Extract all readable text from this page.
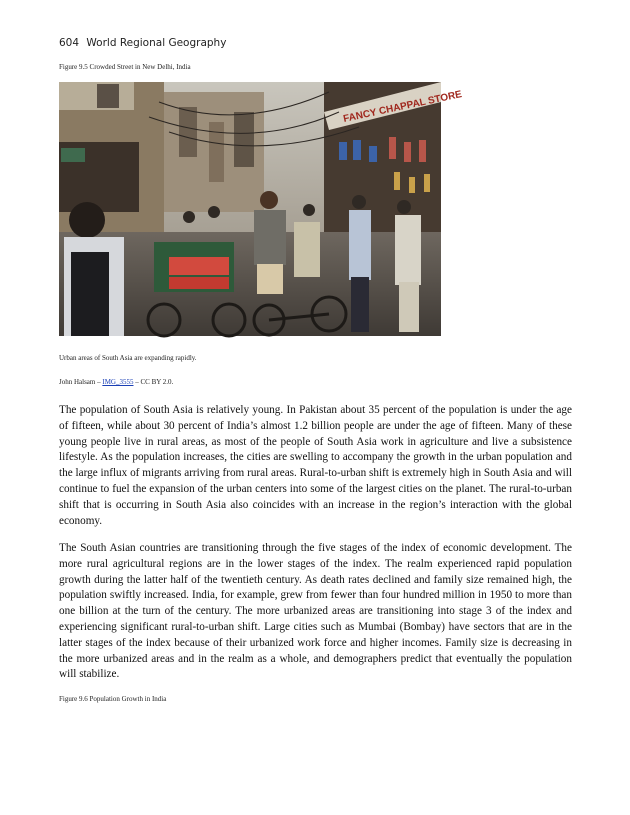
604 World Regional Geography
Figure 9.5 Crowded Street in New Delhi, India
FANCY CHAPPAL STORE
Urban areas of South Asia are expanding rapidly.
John Halsam – IMG_3555 – CC BY 2.0.

The population of South Asia is relatively young. In Pakistan about 35 percent of the population is under the age of fifteen, while about 30 percent of India’s almost 1.2 billion people are under the age of fifteen. Many of these young people live in rural areas, as most of the people of South Asia work in agriculture and live a subsistence lifestyle. As the population increases, the cities are swelling to accompany the growth in the urban population and the large influx of migrants arriving from rural areas. Rural-to-urban shift is extremely high in South Asia and will continue to fuel the expansion of the urban centers into some of the largest cities on the planet. The rural-to-urban shift that is occurring in South Asia also coincides with an increase in the region’s interaction with the global economy.

The South Asian countries are transitioning through the five stages of the index of economic development. The more rural agricultural regions are in the lower stages of the index. The realm experienced rapid population growth during the latter half of the twentieth century. As death rates declined and family size remained high, the population swiftly increased. India, for example, grew from fewer than four hundred million in 1950 to more than one billion at the turn of the century. The more urbanized areas are transitioning into stage 3 of the index and experiencing significant rural-to-urban shift. Large cities such as Mumbai (Bombay) have sectors that are in the latter stages of the index because of their urbanized work force and higher incomes. Family size is decreasing in the more urbanized areas and in the realm as a whole, and demographers predict that eventually the population will stabilize.

Figure 9.6 Population Growth in India
